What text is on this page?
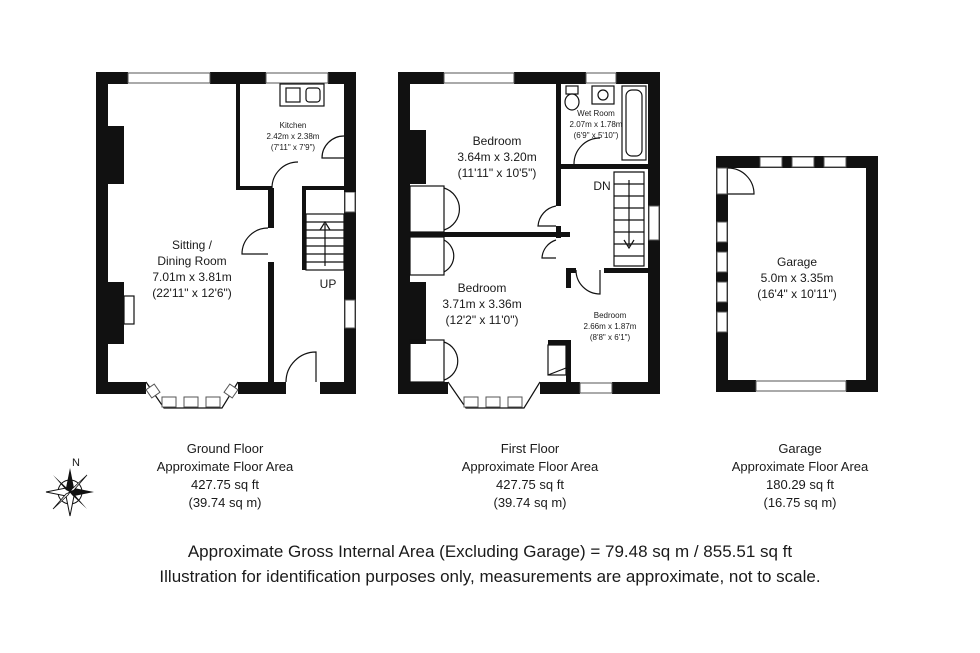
Sitting /
Dining Room
7.01m x 3.81m
(22'11" x 12'6")
Kitchen
2.42m x 2.38m
(7'11" x 7'9")
UP
Bedroom
3.64m x 3.20m
(11'11" x 10'5")
Wet Room
2.07m x 1.78m
(6'9" x 5'10")
DN
Bedroom
3.71m x 3.36m
(12'2" x 11'0")	Bedroom
2.66m x 1.87m
(8'8" x 6'1")
Garage
5.0m x 3.35m
(16'4" x 10'11")
Ground Floor
Approximate Floor Area
427.75 sq ft
(39.74 sq m)
First Floor
Approximate Floor Area
427.75 sq ft
(39.74 sq m)
Garage
Approximate Floor Area
180.29 sq ft
(16.75 sq m)
N
Approximate Gross Internal Area (Excluding Garage) = 79.48 sq m / 855.51 sq ft
Illustration for identification purposes only, measurements are approximate, not to scale.
